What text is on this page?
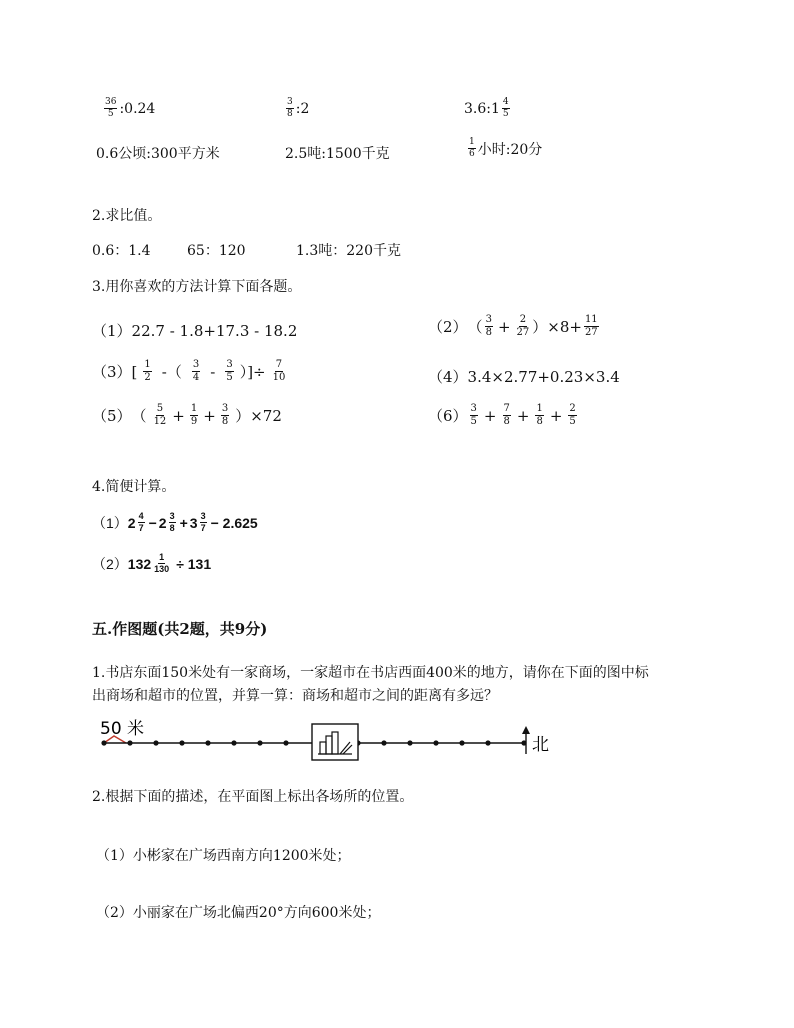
$\frac{36}{5}$ :0.24	$\frac{3}{8}$ :2	3.6:1 $\frac{4}{5}$
0.6公顷:300平方米	2.5吨:1500千克	$\frac{1}{6}$ 小时:20分
2.求比值。
0.6：1.4	65：120	1.3吨：220千克
3.用你喜欢的方法计算下面各题。
（1）22.7 - 1.8+17.3 - 18.2	（2） （ $\frac{3}{8} + \frac{2}{27} )\times 8+ \frac{11}{27}$
$(3)[ \frac{1}{2}$ -（ $\frac{3}{4} - \frac{3}{5}$ ）]÷ $\frac{7}{10}$	（4）3.4×2.77+0.23×3.4
（5） （ $\frac{5}{12} + \frac{1}{9} + \frac{3}{8} )\times 72$	$(6) \frac{3}{5} + \frac{7}{8} + \frac{1}{8} + \frac{2}{5}$
4.简便计算。
（1） $2 \frac{4}{7} - 2 \frac{3}{8} + 3 \frac{3}{7} - 2.625$
（2） $132 \frac{1}{130} \div 131$
五.作图题(共2题，共9分)
1.书店东面150米处有一家商场，一家超市在书店西面400米的地方，请你在下面的图中标
出商场和超市的位置，并算一算：商场和超市之间的距离有多远？
50 米
北
2.根据下面的描述，在平面图上标出各场所的位置。
（1）小彬家在广场西南方向1200米处；
（2）小丽家在广场北偏西20°方向600米处；
